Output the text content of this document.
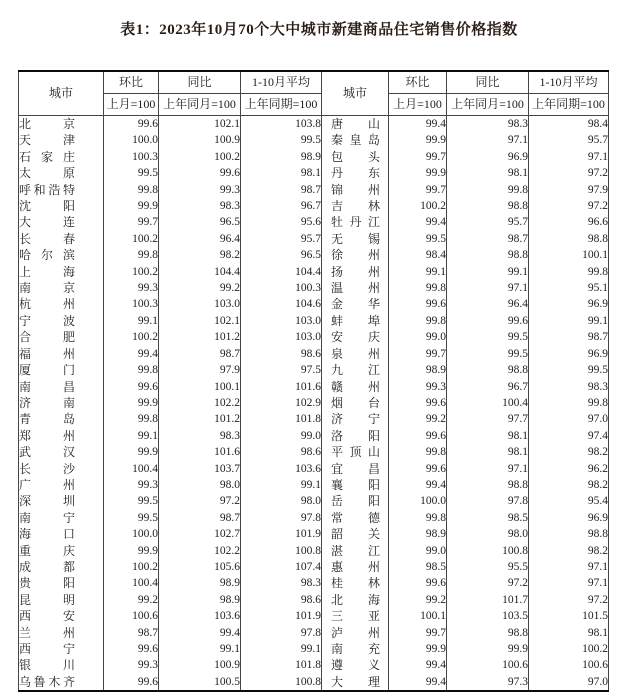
表1：2023年10月70个大中城市新建商品住宅销售价格指数
城市	环比	同比	1-10月平均	城市	环比	同比	1-10月平均
	上月=100	上年同月=100	上年同期=100		上月=100	上年同月=100	上年同期=100
北京	99.6	102.1	103.8	唐山	99.4	98.3	98.4
天津	100.0	100.9	99.5	秦皇岛	99.9	97.1	95.7
石家庄	100.3	100.2	98.9	包头	99.7	96.9	97.1
太原	99.5	99.6	98.1	丹东	99.9	98.1	97.2
呼和浩特	99.8	99.3	98.7	锦州	99.7	99.8	97.9
沈阳	99.9	98.3	96.7	吉林	100.2	98.8	97.2
大连	99.7	96.5	95.6	牡丹江	99.4	95.7	96.6
长春	100.2	96.4	95.7	无锡	99.5	98.7	98.8
哈尔滨	99.8	98.2	96.5	徐州	98.4	98.8	100.1
上海	100.2	104.4	104.4	扬州	99.1	99.1	99.8
南京	99.3	99.2	100.3	温州	99.8	97.1	95.1
杭州	100.3	103.0	104.6	金华	99.6	96.4	96.9
宁波	99.1	102.1	103.0	蚌埠	99.8	99.6	99.1
合肥	100.2	101.2	103.0	安庆	99.0	99.5	98.7
福州	99.4	98.7	98.6	泉州	99.7	99.5	96.9
厦门	99.8	97.9	97.5	九江	98.9	98.8	99.5
南昌	99.6	100.1	101.6	赣州	99.3	96.7	98.3
济南	99.9	102.2	102.9	烟台	99.6	100.4	99.8
青岛	99.8	101.2	101.8	济宁	99.2	97.7	97.0
郑州	99.1	98.3	99.0	洛阳	99.6	98.1	97.4
武汉	99.9	101.6	98.6	平顶山	99.8	98.1	98.2
长沙	100.4	103.7	103.6	宜昌	99.6	97.1	96.2
广州	99.3	98.0	99.1	襄阳	99.4	98.8	98.2
深圳	99.5	97.2	98.0	岳阳	100.0	97.8	95.4
南宁	99.5	98.7	97.8	常德	99.8	98.5	96.9
海口	100.0	102.7	101.9	韶关	98.9	98.0	98.8
重庆	99.9	102.2	100.8	湛江	99.0	100.8	98.2
成都	100.2	105.6	107.4	惠州	98.5	95.5	97.1
贵阳	100.4	98.9	98.3	桂林	99.6	97.2	97.1
昆明	99.2	98.9	98.6	北海	99.2	101.7	97.2
西安	100.6	103.6	101.9	三亚	100.1	103.5	101.5
兰州	98.7	99.4	97.8	泸州	99.7	98.8	98.1
西宁	99.6	99.1	99.1	南充	99.9	99.9	100.2
银川	99.3	100.9	101.8	遵义	99.4	100.6	100.6
乌鲁木齐	99.6	100.5	100.8	大理	99.4	97.3	97.0
